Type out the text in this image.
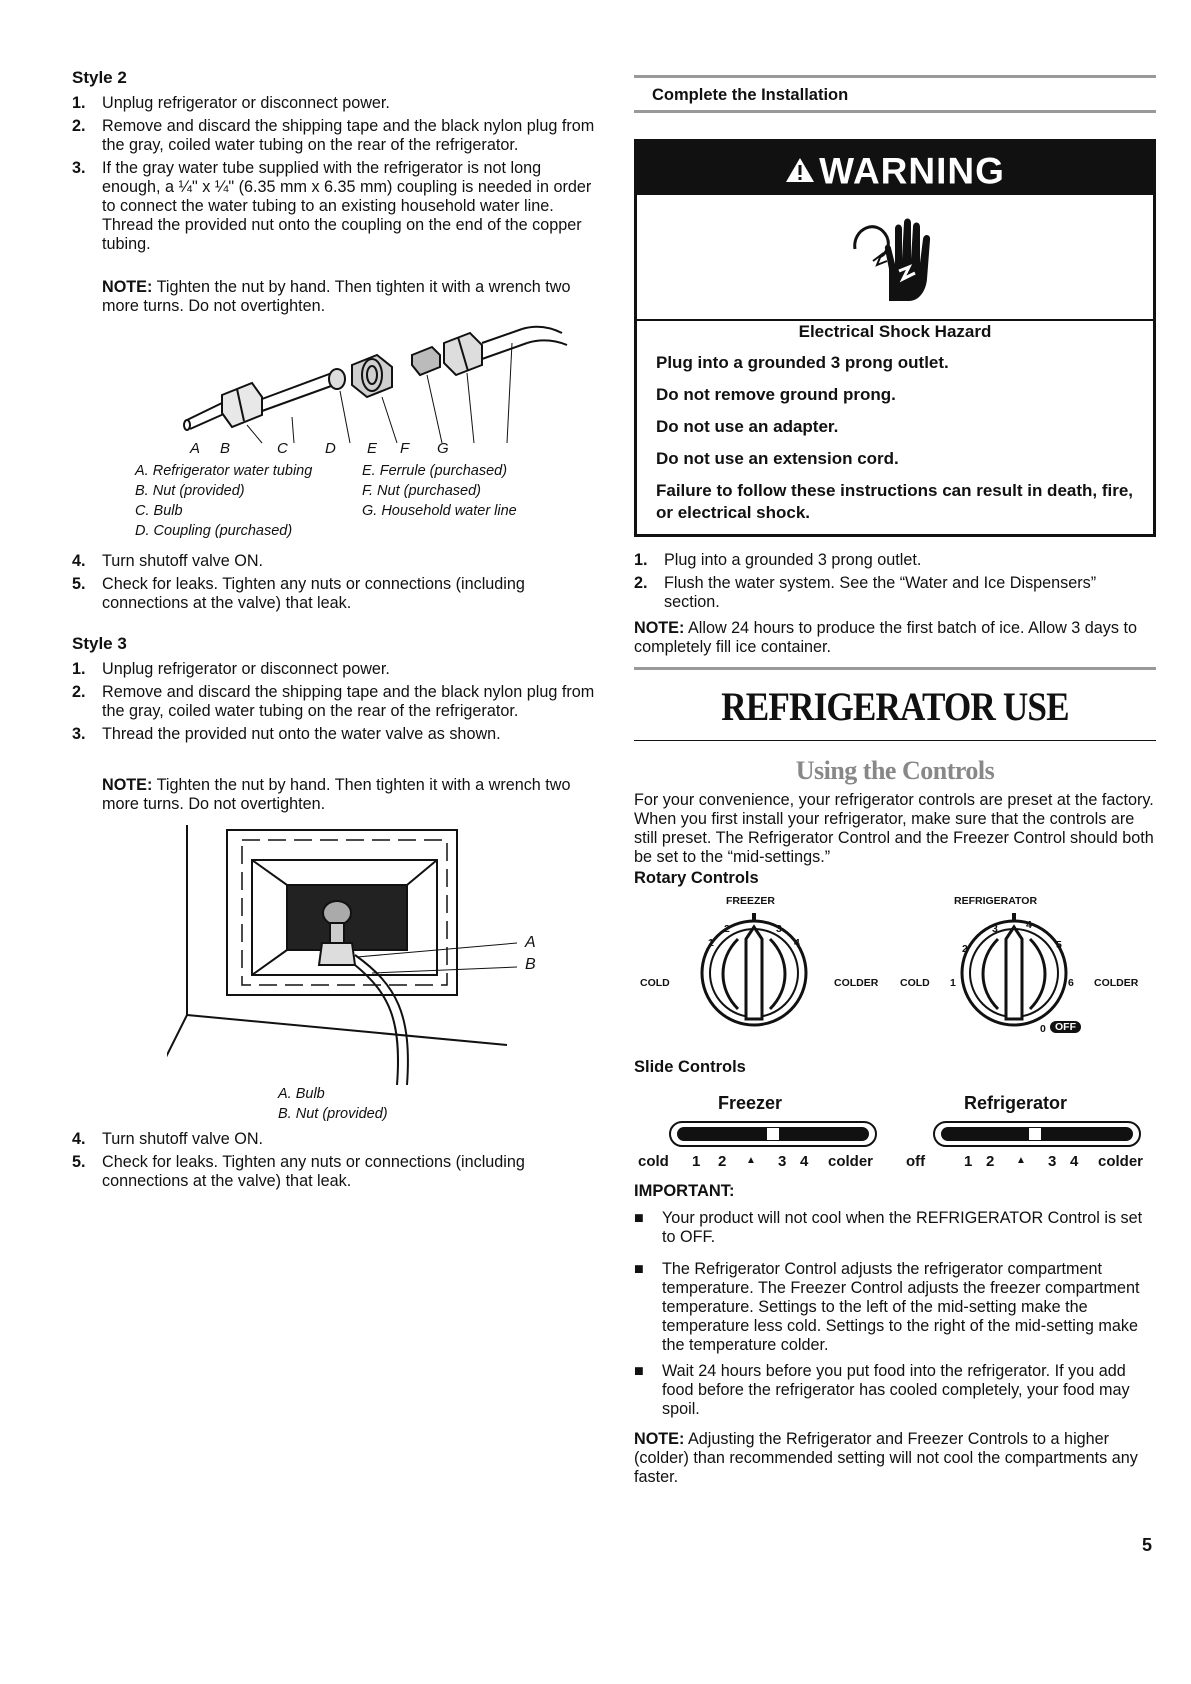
Style 2
1. Unplug refrigerator or disconnect power.
2. Remove and discard the shipping tape and the black nylon plug from the gray, coiled water tubing on the rear of the refrigerator.
3. If the gray water tube supplied with the refrigerator is not long enough, a ¼" x ¼" (6.35 mm x 6.35 mm) coupling is needed in order to connect the water tubing to an existing household water line. Thread the provided nut onto the coupling on the end of the copper tubing.
NOTE: Tighten the nut by hand. Then tighten it with a wrench two more turns. Do not overtighten.
A B	C D E F G
A. Refrigerator water tubing
B. Nut (provided)
C. Bulb
D. Coupling (purchased)
E. Ferrule (purchased)
F. Nut (purchased)
G. Household water line
4. Turn shutoff valve ON.
5. Check for leaks. Tighten any nuts or connections (including connections at the valve) that leak.
Style 3
1. Unplug refrigerator or disconnect power.
2. Remove and discard the shipping tape and the black nylon plug from the gray, coiled water tubing on the rear of the refrigerator.
3. Thread the provided nut onto the water valve as shown.
NOTE: Tighten the nut by hand. Then tighten it with a wrench two more turns. Do not overtighten.
A
B
A. Bulb
B. Nut (provided)
4. Turn shutoff valve ON.
5. Check for leaks. Tighten any nuts or connections (including connections at the valve) that leak.
Complete the Installation
WARNING
Electrical Shock Hazard
Plug into a grounded 3 prong outlet.
Do not remove ground prong.
Do not use an adapter.
Do not use an extension cord.
Failure to follow these instructions can result in death, fire, or electrical shock.
1. Plug into a grounded 3 prong outlet.
2. Flush the water system. See the “Water and Ice Dispensers” section.
NOTE: Allow 24 hours to produce the first batch of ice. Allow 3 days to completely fill ice container.
REFRIGERATOR USE
Using the Controls
For your convenience, your refrigerator controls are preset at the factory. When you first install your refrigerator, make sure that the controls are still preset. The Refrigerator Control and the Freezer Control should both be set to the “mid-settings.”
Rotary Controls
FREEZER
COLD	COLDER
1
2	3
4
REFRIGERATOR
COLD	COLDER
0
1
2
3	4
5
6
OFF
Slide Controls
Freezer
cold 1 2 ▲ 3 4 colder
Refrigerator
off	1 2 ▲ 3 4 colder
IMPORTANT:
■ Your product will not cool when the REFRIGERATOR Control is set to OFF.
■ The Refrigerator Control adjusts the refrigerator compartment temperature. The Freezer Control adjusts the freezer compartment temperature. Settings to the left of the mid-setting make the temperature less cold. Settings to the right of the mid-setting make the temperature colder.
■ Wait 24 hours before you put food into the refrigerator. If you add food before the refrigerator has cooled completely, your food may spoil.
NOTE: Adjusting the Refrigerator and Freezer Controls to a higher (colder) than recommended setting will not cool the compartments any faster.
5
